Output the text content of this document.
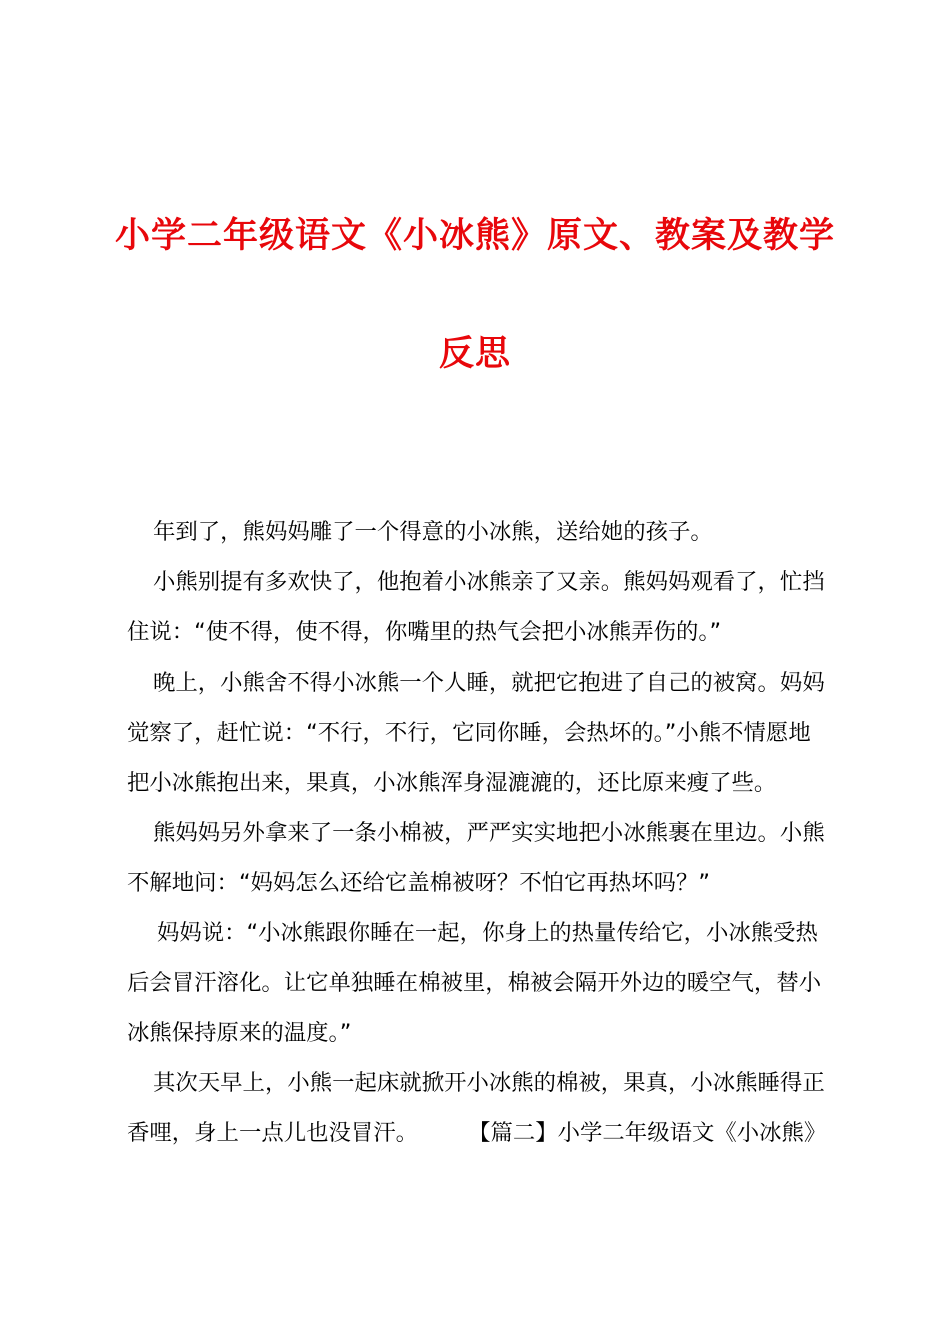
小学二年级语文《小冰熊》原文、教案及教学
反思
年到了，熊妈妈雕了一个得意的小冰熊，送给她的孩子。
小熊别提有多欢快了，他抱着小冰熊亲了又亲。熊妈妈观看了，忙挡
住说：“使不得，使不得，你嘴里的热气会把小冰熊弄伤的。”
晚上，小熊舍不得小冰熊一个人睡，就把它抱进了自己的被窝。妈妈
觉察了，赶忙说：“不行，不行，它同你睡，会热坏的。”小熊不情愿地
把小冰熊抱出来，果真，小冰熊浑身湿漉漉的，还比原来瘦了些。
熊妈妈另外拿来了一条小棉被，严严实实地把小冰熊裹在里边。小熊
不解地问：“妈妈怎么还给它盖棉被呀？不怕它再热坏吗？”
妈妈说：“小冰熊跟你睡在一起，你身上的热量传给它，小冰熊受热
后会冒汗溶化。让它单独睡在棉被里，棉被会隔开外边的暖空气，替小
冰熊保持原来的温度。”
其次天早上，小熊一起床就掀开小冰熊的棉被，果真，小冰熊睡得正
香哩，身上一点儿也没冒汗。 【篇二】小学二年级语文《小冰熊》
